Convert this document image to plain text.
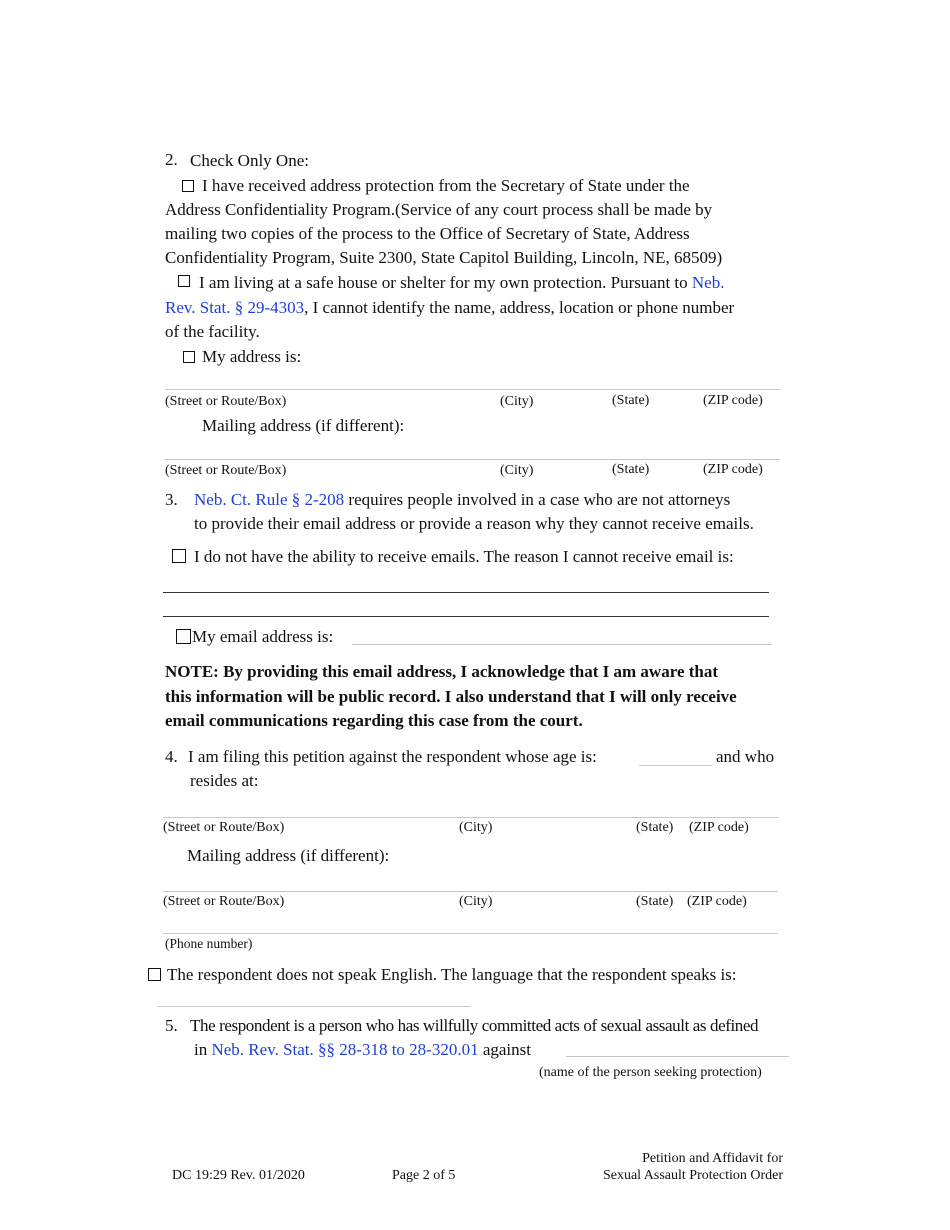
2. Check Only One:
I have received address protection from the Secretary of State under the
Address Confidentiality Program.(Service of any court process shall be made by
mailing two copies of the process to the Office of Secretary of State, Address
Confidentiality Program, Suite 2300, State Capitol Building, Lincoln, NE, 68509)
I am living at a safe house or shelter for my own protection. Pursuant to Neb.
Rev. Stat. § 29-4303, I cannot identify the name, address, location or phone number
of the facility.
My address is:
(Street or Route/Box)	(City)	(State)	(ZIP code)
Mailing address (if different):
(Street or Route/Box)	(City)	(State)	(ZIP code)
3. Neb. Ct. Rule § 2-208 requires people involved in a case who are not attorneys
to provide their email address or provide a reason why they cannot receive emails.
I do not have the ability to receive emails. The reason I cannot receive email is:
My email address is:
NOTE: By providing this email address, I acknowledge that I am aware that
this information will be public record. I also understand that I will only receive
email communications regarding this case from the court.
4. I am filing this petition against the respondent whose age is:	and who
resides at:
(Street or Route/Box)	(City)	(State) (ZIP code)
Mailing address (if different):
(Street or Route/Box)	(City)	(State) (ZIP code)
(Phone number)
The respondent does not speak English. The language that the respondent speaks is:
5. The respondent is a person who has willfully committed acts of sexual assault as defined
in Neb. Rev. Stat. §§ 28-318 to 28-320.01 against
(name of the person seeking protection)
DC 19:29 Rev. 01/2020	Page 2 of 5
Petition and Affidavit for
Sexual Assault Protection Order
